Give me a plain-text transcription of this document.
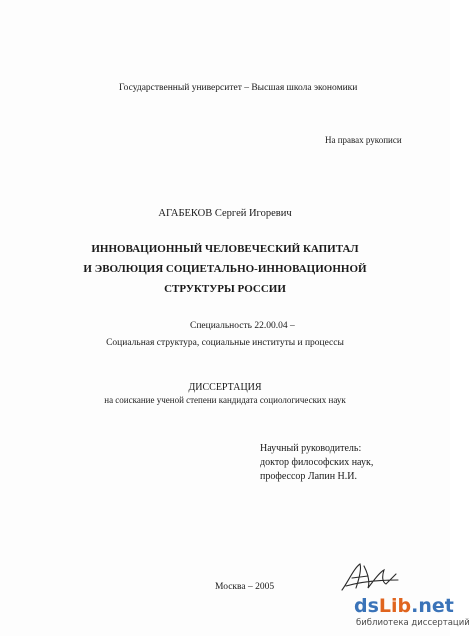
Государственный университет – Высшая школа экономики
На правах рукописи
АГАБЕКОВ Сергей Игоревич
ИННОВАЦИОННЫЙ ЧЕЛОВЕЧЕСКИЙ КАПИТАЛ
И ЭВОЛЮЦИЯ СОЦИЕТАЛЬНО-ИННОВАЦИОННОЙ
СТРУКТУРЫ РОССИИ
Специальность 22.00.04 –
Социальная структура, социальные институты и процессы
ДИССЕРТАЦИЯ
на соискание ученой степени кандидата социологических наук
Научный руководитель:
доктор философских наук,
профессор Лапин Н.И.
Москва – 2005
dsLib.net
библиотека диссертаций
